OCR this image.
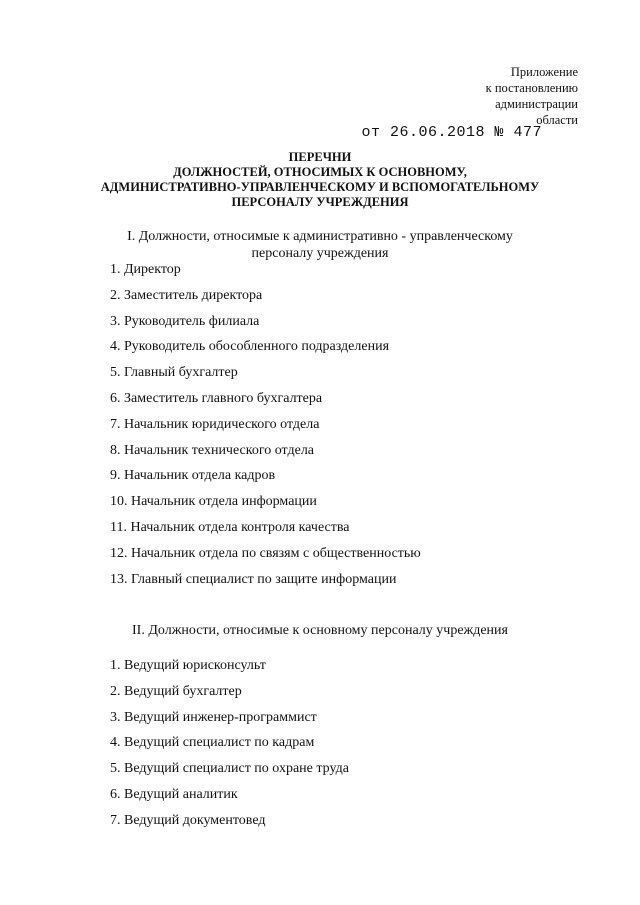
Приложение
к постановлению
администрации
области
от 26.06.2018 № 477
ПЕРЕЧНИ
ДОЛЖНОСТЕЙ, ОТНОСИМЫХ К ОСНОВНОМУ,
АДМИНИСТРАТИВНО-УПРАВЛЕНЧЕСКОМУ И ВСПОМОГАТЕЛЬНОМУ
ПЕРСОНАЛУ УЧРЕЖДЕНИЯ
I. Должности, относимые к административно - управленческому
персоналу учреждения
1. Директор
2. Заместитель директора
3. Руководитель филиала
4. Руководитель обособленного подразделения
5. Главный бухгалтер
6. Заместитель главного бухгалтера
7. Начальник юридического отдела
8. Начальник технического отдела
9. Начальник отдела кадров
10. Начальник отдела информации
11. Начальник отдела контроля качества
12. Начальник отдела по связям с общественностью
13. Главный специалист по защите информации
II. Должности, относимые к основному персоналу учреждения
1. Ведущий юрисконсульт
2. Ведущий бухгалтер
3. Ведущий инженер-программист
4. Ведущий специалист по кадрам
5. Ведущий специалист по охране труда
6. Ведущий аналитик
7. Ведущий документовед
